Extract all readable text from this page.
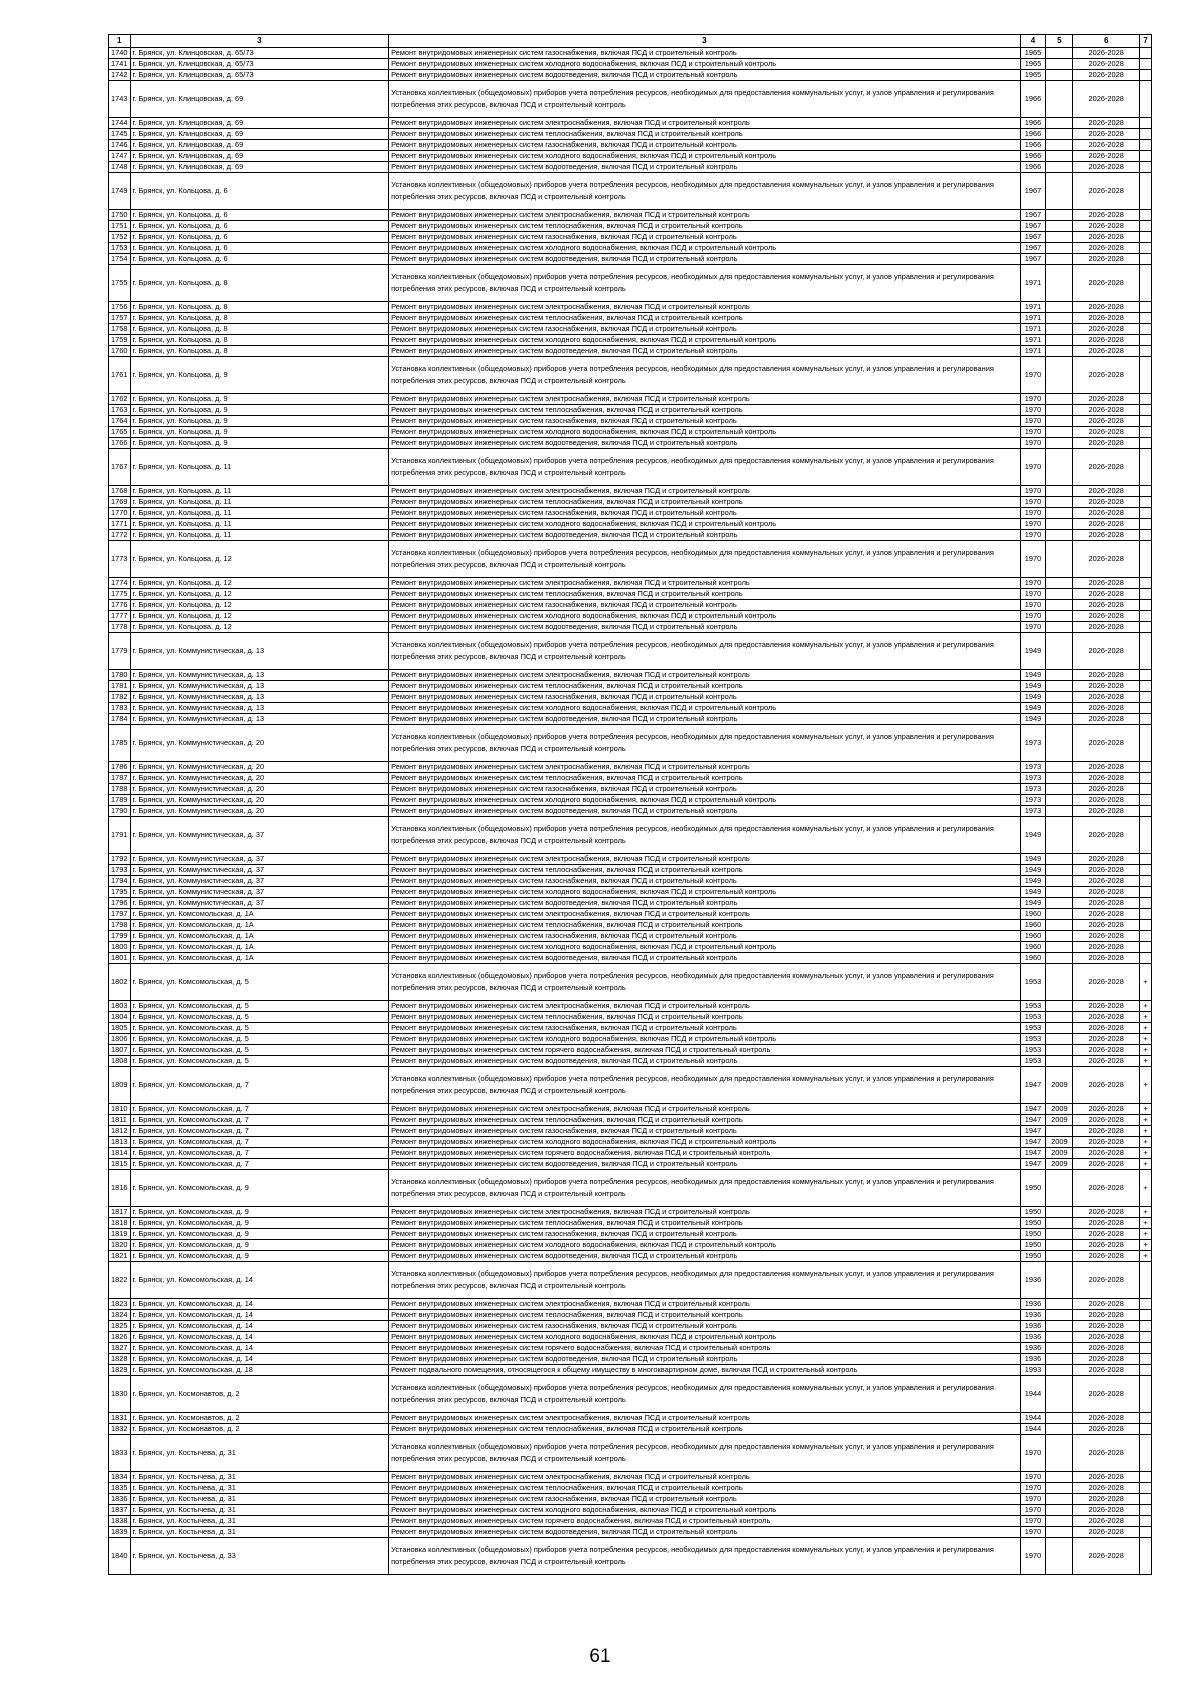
1	3	3	4	5	6	7
1740	г. Брянск, ул. Клинцовская, д. 65/73	Ремонт внутридомовых инженерных систем газоснабжения, включая ПСД и строительный контроль	1965		2026-2028	
1741	г. Брянск, ул. Клинцовская, д. 65/73	Ремонт внутридомовых инженерных систем холодного водоснабжения, включая ПСД и строительный контроль	1965		2026-2028	
1742	г. Брянск, ул. Клинцовская, д. 65/73	Ремонт внутридомовых инженерных систем водоотведения, включая ПСД и строительный контроль	1965		2026-2028	
1743	г. Брянск, ул. Клинцовская, д. 69	Установка коллективных (общедомовых) приборов учета потребления ресурсов, необходимых для предоставления коммунальных услуг, и узлов управления и регулирования потребления этих ресурсов, включая ПСД и строительный контроль	1966		2026-2028	
1744	г. Брянск, ул. Клинцовская, д. 69	Ремонт внутридомовых инженерных систем электроснабжения, включая ПСД и строительный контроль	1966		2026-2028	
1745	г. Брянск, ул. Клинцовская, д. 69	Ремонт внутридомовых инженерных систем теплоснабжения, включая ПСД и строительный контроль	1966		2026-2028	
1746	г. Брянск, ул. Клинцовская, д. 69	Ремонт внутридомовых инженерных систем газоснабжения, включая ПСД и строительный контроль	1966		2026-2028	
1747	г. Брянск, ул. Клинцовская, д. 69	Ремонт внутридомовых инженерных систем холодного водоснабжения, включая ПСД и строительный контроль	1966		2026-2028	
1748	г. Брянск, ул. Клинцовская, д. 69	Ремонт внутридомовых инженерных систем водоотведения, включая ПСД и строительный контроль	1966		2026-2028	
1749	г. Брянск, ул. Кольцова, д. 6	Установка коллективных (общедомовых) приборов учета потребления ресурсов, необходимых для предоставления коммунальных услуг, и узлов управления и регулирования потребления этих ресурсов, включая ПСД и строительный контроль	1967		2026-2028	
1750	г. Брянск, ул. Кольцова, д. 6	Ремонт внутридомовых инженерных систем электроснабжения, включая ПСД и строительный контроль	1967		2026-2028	
1751	г. Брянск, ул. Кольцова, д. 6	Ремонт внутридомовых инженерных систем теплоснабжения, включая ПСД и строительный контроль	1967		2026-2028	
1752	г. Брянск, ул. Кольцова, д. 6	Ремонт внутридомовых инженерных систем газоснабжения, включая ПСД и строительный контроль	1967		2026-2028	
1753	г. Брянск, ул. Кольцова, д. 6	Ремонт внутридомовых инженерных систем холодного водоснабжения, включая ПСД и строительный контроль	1967		2026-2028	
1754	г. Брянск, ул. Кольцова, д. 6	Ремонт внутридомовых инженерных систем водоотведения, включая ПСД и строительный контроль	1967		2026-2028	
1755	г. Брянск, ул. Кольцова, д. 8	Установка коллективных (общедомовых) приборов учета потребления ресурсов, необходимых для предоставления коммунальных услуг, и узлов управления и регулирования потребления этих ресурсов, включая ПСД и строительный контроль	1971		2026-2028	
1756	г. Брянск, ул. Кольцова, д. 8	Ремонт внутридомовых инженерных систем электроснабжения, включая ПСД и строительный контроль	1971		2026-2028	
1757	г. Брянск, ул. Кольцова, д. 8	Ремонт внутридомовых инженерных систем теплоснабжения, включая ПСД и строительный контроль	1971		2026-2028	
1758	г. Брянск, ул. Кольцова, д. 8	Ремонт внутридомовых инженерных систем газоснабжения, включая ПСД и строительный контроль	1971		2026-2028	
1759	г. Брянск, ул. Кольцова, д. 8	Ремонт внутридомовых инженерных систем холодного водоснабжения, включая ПСД и строительный контроль	1971		2026-2028	
1760	г. Брянск, ул. Кольцова, д. 8	Ремонт внутридомовых инженерных систем водоотведения, включая ПСД и строительный контроль	1971		2026-2028	
1761	г. Брянск, ул. Кольцова, д. 9	Установка коллективных (общедомовых) приборов учета потребления ресурсов, необходимых для предоставления коммунальных услуг, и узлов управления и регулирования потребления этих ресурсов, включая ПСД и строительный контроль	1970		2026-2028	
1762	г. Брянск, ул. Кольцова, д. 9	Ремонт внутридомовых инженерных систем электроснабжения, включая ПСД и строительный контроль	1970		2026-2028	
1763	г. Брянск, ул. Кольцова, д. 9	Ремонт внутридомовых инженерных систем теплоснабжения, включая ПСД и строительный контроль	1970		2026-2028	
1764	г. Брянск, ул. Кольцова, д. 9	Ремонт внутридомовых инженерных систем газоснабжения, включая ПСД и строительный контроль	1970		2026-2028	
1765	г. Брянск, ул. Кольцова, д. 9	Ремонт внутридомовых инженерных систем холодного водоснабжения, включая ПСД и строительный контроль	1970		2026-2028	
1766	г. Брянск, ул. Кольцова, д. 9	Ремонт внутридомовых инженерных систем водоотведения, включая ПСД и строительный контроль	1970		2026-2028	
1767	г. Брянск, ул. Кольцова, д. 11	Установка коллективных (общедомовых) приборов учета потребления ресурсов, необходимых для предоставления коммунальных услуг, и узлов управления и регулирования потребления этих ресурсов, включая ПСД и строительный контроль	1970		2026-2028	
1768	г. Брянск, ул. Кольцова, д. 11	Ремонт внутридомовых инженерных систем электроснабжения, включая ПСД и строительный контроль	1970		2026-2028	
1769	г. Брянск, ул. Кольцова, д. 11	Ремонт внутридомовых инженерных систем теплоснабжения, включая ПСД и строительный контроль	1970		2026-2028	
1770	г. Брянск, ул. Кольцова, д. 11	Ремонт внутридомовых инженерных систем газоснабжения, включая ПСД и строительный контроль	1970		2026-2028	
1771	г. Брянск, ул. Кольцова, д. 11	Ремонт внутридомовых инженерных систем холодного водоснабжения, включая ПСД и строительный контроль	1970		2026-2028	
1772	г. Брянск, ул. Кольцова, д. 11	Ремонт внутридомовых инженерных систем водоотведения, включая ПСД и строительный контроль	1970		2026-2028	
1773	г. Брянск, ул. Кольцова, д. 12	Установка коллективных (общедомовых) приборов учета потребления ресурсов, необходимых для предоставления коммунальных услуг, и узлов управления и регулирования потребления этих ресурсов, включая ПСД и строительный контроль	1970		2026-2028	
1774	г. Брянск, ул. Кольцова, д. 12	Ремонт внутридомовых инженерных систем электроснабжения, включая ПСД и строительный контроль	1970		2026-2028	
1775	г. Брянск, ул. Кольцова, д. 12	Ремонт внутридомовых инженерных систем теплоснабжения, включая ПСД и строительный контроль	1970		2026-2028	
1776	г. Брянск, ул. Кольцова, д. 12	Ремонт внутридомовых инженерных систем газоснабжения, включая ПСД и строительный контроль	1970		2026-2028	
1777	г. Брянск, ул. Кольцова, д. 12	Ремонт внутридомовых инженерных систем холодного водоснабжения, включая ПСД и строительный контроль	1970		2026-2028	
1778	г. Брянск, ул. Кольцова, д. 12	Ремонт внутридомовых инженерных систем водоотведения, включая ПСД и строительный контроль	1970		2026-2028	
1779	г. Брянск, ул. Коммунистическая, д. 13	Установка коллективных (общедомовых) приборов учета потребления ресурсов, необходимых для предоставления коммунальных услуг, и узлов управления и регулирования потребления этих ресурсов, включая ПСД и строительный контроль	1949		2026-2028	
1780	г. Брянск, ул. Коммунистическая, д. 13	Ремонт внутридомовых инженерных систем электроснабжения, включая ПСД и строительный контроль	1949		2026-2028	
1781	г. Брянск, ул. Коммунистическая, д. 13	Ремонт внутридомовых инженерных систем теплоснабжения, включая ПСД и строительный контроль	1949		2026-2028	
1782	г. Брянск, ул. Коммунистическая, д. 13	Ремонт внутридомовых инженерных систем газоснабжения, включая ПСД и строительный контроль	1949		2026-2028	
1783	г. Брянск, ул. Коммунистическая, д. 13	Ремонт внутридомовых инженерных систем холодного водоснабжения, включая ПСД и строительный контроль	1949		2026-2028	
1784	г. Брянск, ул. Коммунистическая, д. 13	Ремонт внутридомовых инженерных систем водоотведения, включая ПСД и строительный контроль	1949		2026-2028	
1785	г. Брянск, ул. Коммунистическая, д. 20	Установка коллективных (общедомовых) приборов учета потребления ресурсов, необходимых для предоставления коммунальных услуг, и узлов управления и регулирования потребления этих ресурсов, включая ПСД и строительный контроль	1973		2026-2028	
1786	г. Брянск, ул. Коммунистическая, д. 20	Ремонт внутридомовых инженерных систем электроснабжения, включая ПСД и строительный контроль	1973		2026-2028	
1787	г. Брянск, ул. Коммунистическая, д. 20	Ремонт внутридомовых инженерных систем теплоснабжения, включая ПСД и строительный контроль	1973		2026-2028	
1788	г. Брянск, ул. Коммунистическая, д. 20	Ремонт внутридомовых инженерных систем газоснабжения, включая ПСД и строительный контроль	1973		2026-2028	
1789	г. Брянск, ул. Коммунистическая, д. 20	Ремонт внутридомовых инженерных систем холодного водоснабжения, включая ПСД и строительный контроль	1973		2026-2028	
1790	г. Брянск, ул. Коммунистическая, д. 20	Ремонт внутридомовых инженерных систем водоотведения, включая ПСД и строительный контроль	1973		2026-2028	
1791	г. Брянск, ул. Коммунистическая, д. 37	Установка коллективных (общедомовых) приборов учета потребления ресурсов, необходимых для предоставления коммунальных услуг, и узлов управления и регулирования потребления этих ресурсов, включая ПСД и строительный контроль	1949		2026-2028	
1792	г. Брянск, ул. Коммунистическая, д. 37	Ремонт внутридомовых инженерных систем электроснабжения, включая ПСД и строительный контроль	1949		2026-2028	
1793	г. Брянск, ул. Коммунистическая, д. 37	Ремонт внутридомовых инженерных систем теплоснабжения, включая ПСД и строительный контроль	1949		2026-2028	
1794	г. Брянск, ул. Коммунистическая, д. 37	Ремонт внутридомовых инженерных систем газоснабжения, включая ПСД и строительный контроль	1949		2026-2028	
1795	г. Брянск, ул. Коммунистическая, д. 37	Ремонт внутридомовых инженерных систем холодного водоснабжения, включая ПСД и строительный контроль	1949		2026-2028	
1796	г. Брянск, ул. Коммунистическая, д. 37	Ремонт внутридомовых инженерных систем водоотведения, включая ПСД и строительный контроль	1949		2026-2028	
1797	г. Брянск, ул. Комсомольская, д. 1А	Ремонт внутридомовых инженерных систем электроснабжения, включая ПСД и строительный контроль	1960		2026-2028	
1798	г. Брянск, ул. Комсомольская, д. 1А	Ремонт внутридомовых инженерных систем теплоснабжения, включая ПСД и строительный контроль	1960		2026-2028	
1799	г. Брянск, ул. Комсомольская, д. 1А	Ремонт внутридомовых инженерных систем газоснабжения, включая ПСД и строительный контроль	1960		2026-2028	
1800	г. Брянск, ул. Комсомольская, д. 1А	Ремонт внутридомовых инженерных систем холодного водоснабжения, включая ПСД и строительный контроль	1960		2026-2028	
1801	г. Брянск, ул. Комсомольская, д. 1А	Ремонт внутридомовых инженерных систем водоотведения, включая ПСД и строительный контроль	1960		2026-2028	
1802	г. Брянск, ул. Комсомольская, д. 5	Установка коллективных (общедомовых) приборов учета потребления ресурсов, необходимых для предоставления коммунальных услуг, и узлов управления и регулирования потребления этих ресурсов, включая ПСД и строительный контроль	1953		2026-2028	+
1803	г. Брянск, ул. Комсомольская, д. 5	Ремонт внутридомовых инженерных систем электроснабжения, включая ПСД и строительный контроль	1953		2026-2028	+
1804	г. Брянск, ул. Комсомольская, д. 5	Ремонт внутридомовых инженерных систем теплоснабжения, включая ПСД и строительный контроль	1953		2026-2028	+
1805	г. Брянск, ул. Комсомольская, д. 5	Ремонт внутридомовых инженерных систем газоснабжения, включая ПСД и строительный контроль	1953		2026-2028	+
1806	г. Брянск, ул. Комсомольская, д. 5	Ремонт внутридомовых инженерных систем холодного водоснабжения, включая ПСД и строительный контроль	1953		2026-2028	+
1807	г. Брянск, ул. Комсомольская, д. 5	Ремонт внутридомовых инженерных систем горячего водоснабжения, включая ПСД и строительный контроль	1953		2026-2028	+
1808	г. Брянск, ул. Комсомольская, д. 5	Ремонт внутридомовых инженерных систем водоотведения, включая ПСД и строительный контроль	1953		2026-2028	+
1809	г. Брянск, ул. Комсомольская, д. 7	Установка коллективных (общедомовых) приборов учета потребления ресурсов, необходимых для предоставления коммунальных услуг, и узлов управления и регулирования потребления этих ресурсов, включая ПСД и строительный контроль	1947	2009	2026-2028	+
1810	г. Брянск, ул. Комсомольская, д. 7	Ремонт внутридомовых инженерных систем электроснабжения, включая ПСД и строительный контроль	1947	2009	2026-2028	+
1811	г. Брянск, ул. Комсомольская, д. 7	Ремонт внутридомовых инженерных систем теплоснабжения, включая ПСД и строительный контроль	1947	2009	2026-2028	+
1812	г. Брянск, ул. Комсомольская, д. 7	Ремонт внутридомовых инженерных систем газоснабжения, включая ПСД и строительный контроль	1947		2026-2028	+
1813	г. Брянск, ул. Комсомольская, д. 7	Ремонт внутридомовых инженерных систем холодного водоснабжения, включая ПСД и строительный контроль	1947	2009	2026-2028	+
1814	г. Брянск, ул. Комсомольская, д. 7	Ремонт внутридомовых инженерных систем горячего водоснабжения, включая ПСД и строительный контроль	1947	2009	2026-2028	+
1815	г. Брянск, ул. Комсомольская, д. 7	Ремонт внутридомовых инженерных систем водоотведения, включая ПСД и строительный контроль	1947	2009	2026-2028	+
1816	г. Брянск, ул. Комсомольская, д. 9	Установка коллективных (общедомовых) приборов учета потребления ресурсов, необходимых для предоставления коммунальных услуг, и узлов управления и регулирования потребления этих ресурсов, включая ПСД и строительный контроль	1950		2026-2028	+
1817	г. Брянск, ул. Комсомольская, д. 9	Ремонт внутридомовых инженерных систем электроснабжения, включая ПСД и строительный контроль	1950		2026-2028	+
1818	г. Брянск, ул. Комсомольская, д. 9	Ремонт внутридомовых инженерных систем теплоснабжения, включая ПСД и строительный контроль	1950		2026-2028	+
1819	г. Брянск, ул. Комсомольская, д. 9	Ремонт внутридомовых инженерных систем газоснабжения, включая ПСД и строительный контроль	1950		2026-2028	+
1820	г. Брянск, ул. Комсомольская, д. 9	Ремонт внутридомовых инженерных систем холодного водоснабжения, включая ПСД и строительный контроль	1950		2026-2028	+
1821	г. Брянск, ул. Комсомольская, д. 9	Ремонт внутридомовых инженерных систем водоотведения, включая ПСД и строительный контроль	1950		2026-2028	+
1822	г. Брянск, ул. Комсомольская, д. 14	Установка коллективных (общедомовых) приборов учета потребления ресурсов, необходимых для предоставления коммунальных услуг, и узлов управления и регулирования потребления этих ресурсов, включая ПСД и строительный контроль	1936		2026-2028	
1823	г. Брянск, ул. Комсомольская, д. 14	Ремонт внутридомовых инженерных систем электроснабжения, включая ПСД и строительный контроль	1936		2026-2028	
1824	г. Брянск, ул. Комсомольская, д. 14	Ремонт внутридомовых инженерных систем теплоснабжения, включая ПСД и строительный контроль	1936		2026-2028	
1825	г. Брянск, ул. Комсомольская, д. 14	Ремонт внутридомовых инженерных систем газоснабжения, включая ПСД и строительный контроль	1936		2026-2028	
1826	г. Брянск, ул. Комсомольская, д. 14	Ремонт внутридомовых инженерных систем холодного водоснабжения, включая ПСД и строительный контроль	1936		2026-2028	
1827	г. Брянск, ул. Комсомольская, д. 14	Ремонт внутридомовых инженерных систем горячего водоснабжения, включая ПСД и строительный контроль	1936		2026-2028	
1828	г. Брянск, ул. Комсомольская, д. 14	Ремонт внутридомовых инженерных систем водоотведения, включая ПСД и строительный контроль	1936		2026-2028	
1829	г. Брянск, ул. Комсомольская, д. 18	Ремонт подвального помещения, относящегося к общему имуществу в многоквартирном доме, включая ПСД и строительный контроль	1993		2026-2028	
1830	г. Брянск, ул. Космонавтов, д. 2	Установка коллективных (общедомовых) приборов учета потребления ресурсов, необходимых для предоставления коммунальных услуг, и узлов управления и регулирования потребления этих ресурсов, включая ПСД и строительный контроль	1944		2026-2028	
1831	г. Брянск, ул. Космонавтов, д. 2	Ремонт внутридомовых инженерных систем электроснабжения, включая ПСД и строительный контроль	1944		2026-2028	
1832	г. Брянск, ул. Космонавтов, д. 2	Ремонт внутридомовых инженерных систем теплоснабжения, включая ПСД и строительный контроль	1944		2026-2028	
1833	г. Брянск, ул. Костычева, д. 31	Установка коллективных (общедомовых) приборов учета потребления ресурсов, необходимых для предоставления коммунальных услуг, и узлов управления и регулирования потребления этих ресурсов, включая ПСД и строительный контроль	1970		2026-2028	
1834	г. Брянск, ул. Костычева, д. 31	Ремонт внутридомовых инженерных систем электроснабжения, включая ПСД и строительный контроль	1970		2026-2028	
1835	г. Брянск, ул. Костычева, д. 31	Ремонт внутридомовых инженерных систем теплоснабжения, включая ПСД и строительный контроль	1970		2026-2028	
1836	г. Брянск, ул. Костычева, д. 31	Ремонт внутридомовых инженерных систем газоснабжения, включая ПСД и строительный контроль	1970		2026-2028	
1837	г. Брянск, ул. Костычева, д. 31	Ремонт внутридомовых инженерных систем холодного водоснабжения, включая ПСД и строительный контроль	1970		2026-2028	
1838	г. Брянск, ул. Костычева, д. 31	Ремонт внутридомовых инженерных систем горячего водоснабжения, включая ПСД и строительный контроль	1970		2026-2028	
1839	г. Брянск, ул. Костычева, д. 31	Ремонт внутридомовых инженерных систем водоотведения, включая ПСД и строительный контроль	1970		2026-2028	
1840	г. Брянск, ул. Костычева, д. 33	Установка коллективных (общедомовых) приборов учета потребления ресурсов, необходимых для предоставления коммунальных услуг, и узлов управления и регулирования потребления этих ресурсов, включая ПСД и строительный контроль	1970		2026-2028	
61
